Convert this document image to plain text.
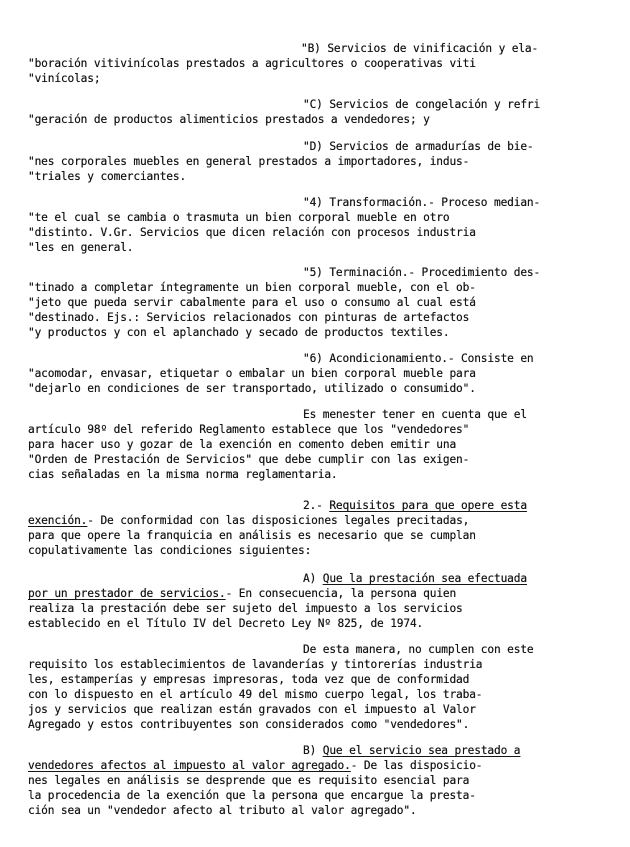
"B) Servicios de vinificación y ela-
"boración vitivinícolas prestados a agricultores o cooperativas viti
"vinícolas;
"C) Servicios de congelación y refri
"geración de productos alimenticios prestados a vendedores; y
"D) Servicios de armadurías de bie-
"nes corporales muebles en general prestados a importadores, indus-
"triales y comerciantes.
"4) Transformación.- Proceso median-
"te el cual se cambia o trasmuta un bien corporal mueble en otro
"distinto. V.Gr. Servicios que dicen relación con procesos industria
"les en general.
"5) Terminación.- Procedimiento des-
"tinado a completar íntegramente un bien corporal mueble, con el ob-
"jeto que pueda servir cabalmente para el uso o consumo al cual está
"destinado. Ejs.: Servicios relacionados con pinturas de artefactos
"y productos y con el aplanchado y secado de productos textiles.
"6) Acondicionamiento.- Consiste en
"acomodar, envasar, etiquetar o embalar un bien corporal mueble para
"dejarlo en condiciones de ser transportado, utilizado o consumido".
Es menester tener en cuenta que el
artículo 98º del referido Reglamento establece que los "vendedores"
para hacer uso y gozar de la exención en comento deben emitir una
"Orden de Prestación de Servicios" que debe cumplir con las exigen-
cias señaladas en la misma norma reglamentaria.
2.- Requisitos para que opere esta
exención.- De conformidad con las disposiciones legales precitadas,
para que opere la franquicia en análisis es necesario que se cumplan
copulativamente las condiciones siguientes:
A) Que la prestación sea efectuada
por un prestador de servicios.- En consecuencia, la persona quien
realiza la prestación debe ser sujeto del impuesto a los servicios
establecido en el Título IV del Decreto Ley Nº 825, de 1974.
De esta manera, no cumplen con este
requisito los establecimientos de lavanderías y tintorerías industria
les, estamperías y empresas impresoras, toda vez que de conformidad
con lo dispuesto en el artículo 49 del mismo cuerpo legal, los traba-
jos y servicios que realizan están gravados con el impuesto al Valor
Agregado y estos contribuyentes son considerados como "vendedores".
B) Que el servicio sea prestado a
vendedores afectos al impuesto al valor agregado.- De las disposicio-
nes legales en análisis se desprende que es requisito esencial para
la procedencia de la exención que la persona que encargue la presta-
ción sea un "vendedor afecto al tributo al valor agregado".
